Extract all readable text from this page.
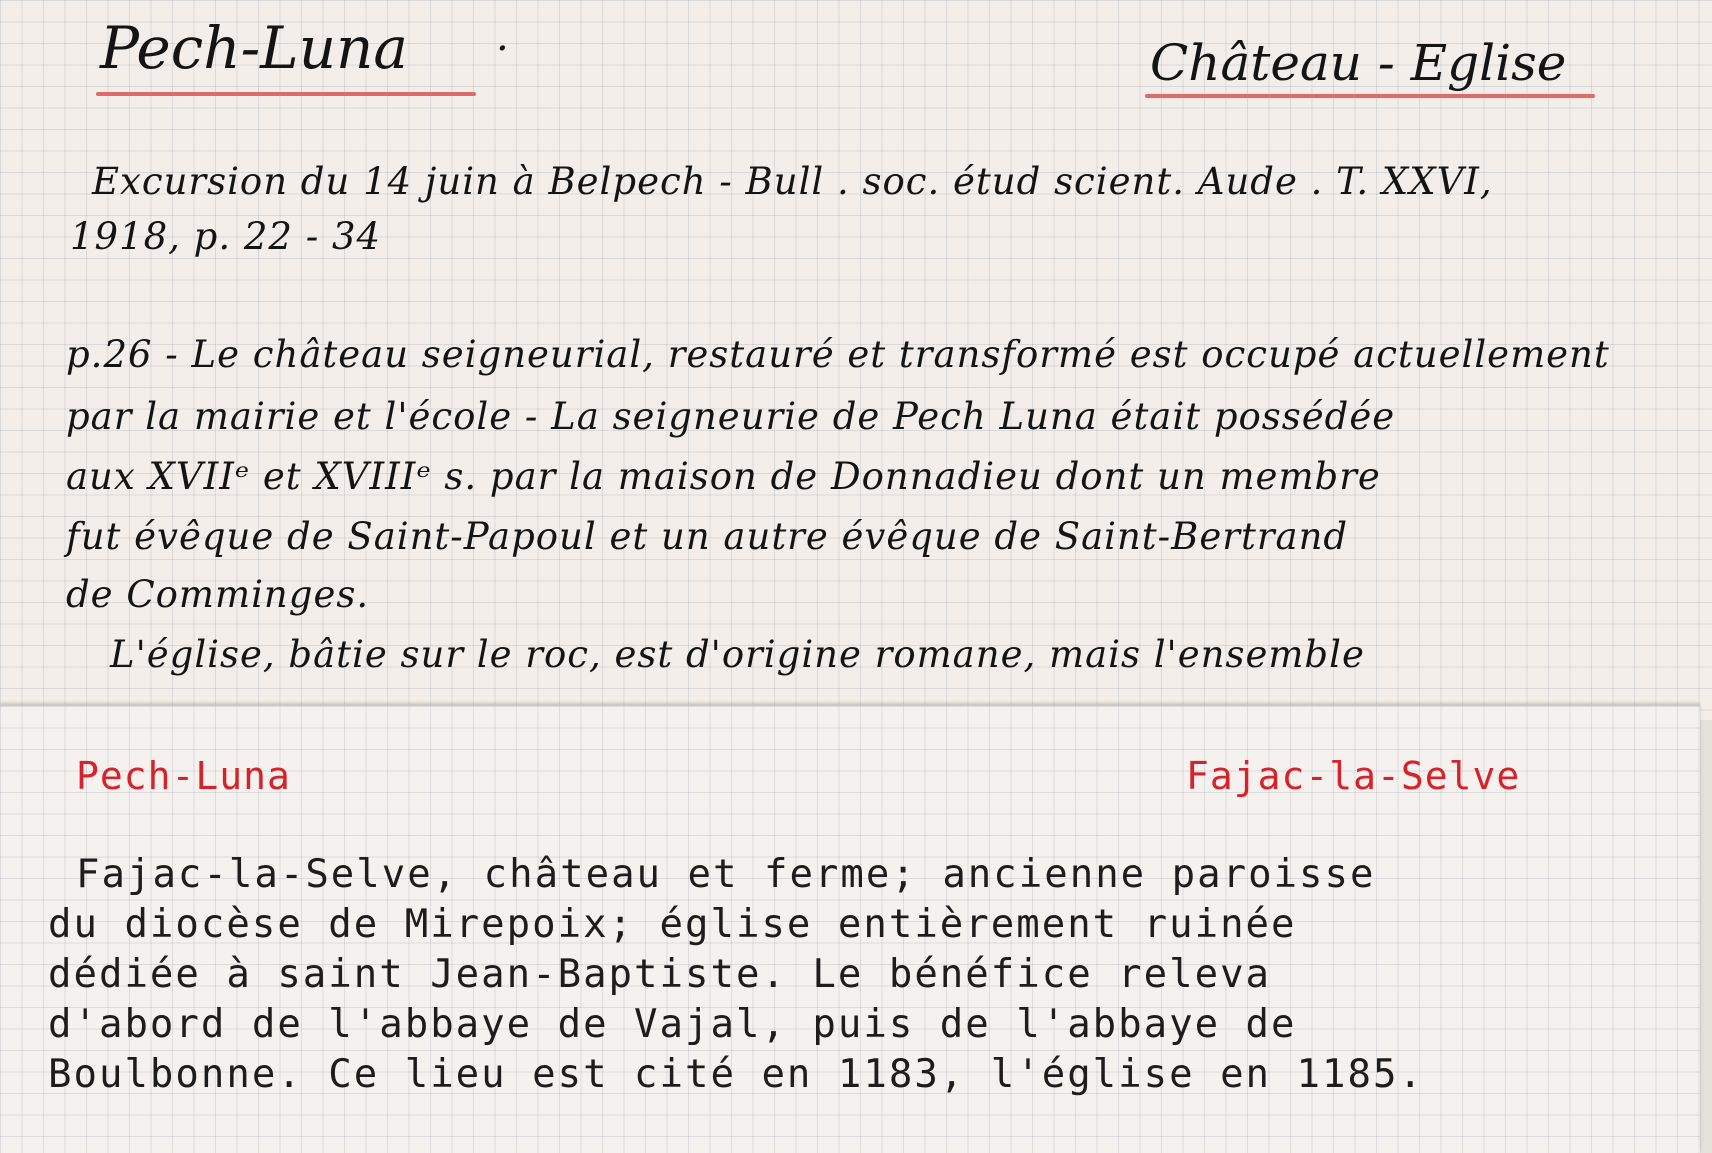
Pech-Luna .	Château - Eglise

Excursion du 14 juin à Belpech - Bull . soc. étud scient. Aude . T. XXVI,

1918, p. 22 - 34

p.26 - Le château seigneurial, restauré et transformé est occupé actuellement

par la mairie et l'école - La seigneurie de Pech Luna était possédée

aux XVIIᵉ et XVIIIᵉ s. par la maison de Donnadieu dont un membre

fut évêque de Saint-Papoul et un autre évêque de Saint-Bertrand

de Comminges.

L'église, bâtie sur le roc, est d'origine romane, mais l'ensemble

Pech-Luna	Fajac-la-Selve

Fajac-la-Selve, château et ferme; ancienne paroisse

du diocèse de Mirepoix; église entièrement ruinée

dédiée à saint Jean-Baptiste. Le bénéfice releva

d'abord de l'abbaye de Vajal, puis de l'abbaye de

Boulbonne. Ce lieu est cité en 1183, l'église en 1185.
